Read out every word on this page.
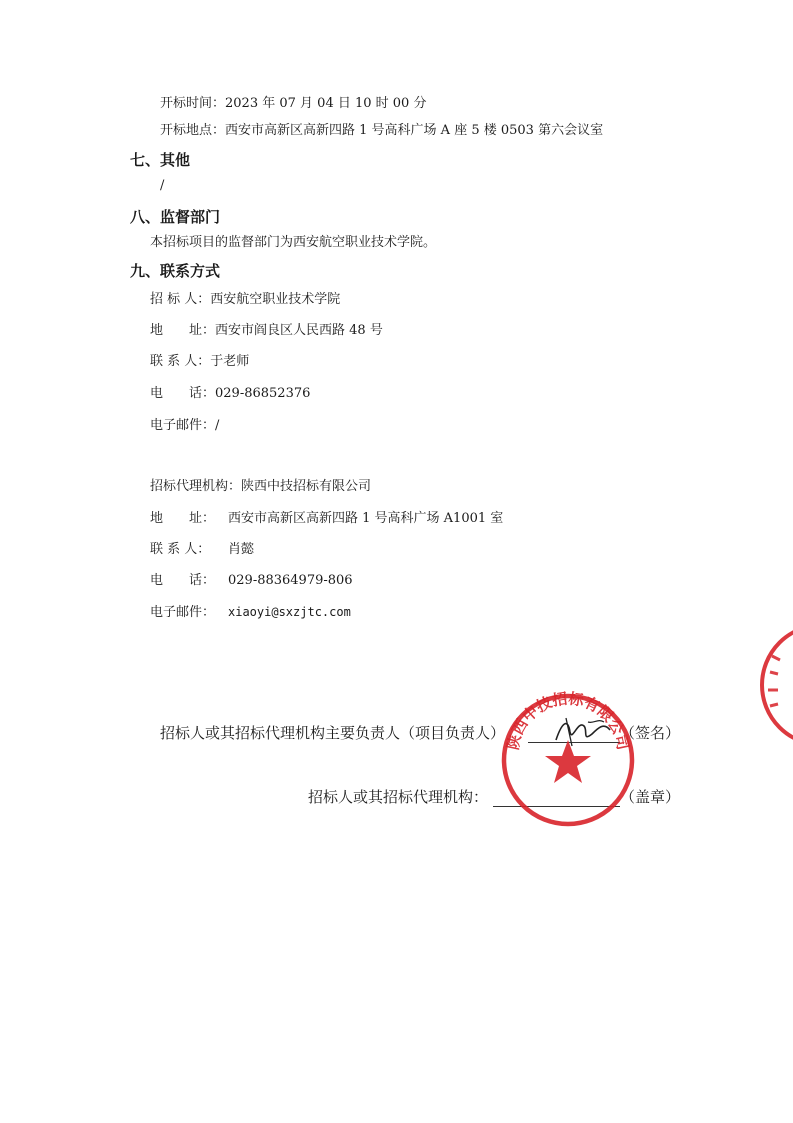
开标时间：2023 年 07 月 04 日 10 时 00 分
开标地点：西安市高新区高新四路 1 号高科广场 A 座 5 楼 0503 第六会议室
七、其他
/
八、监督部门
本招标项目的监督部门为西安航空职业技术学院。
九、联系方式
招 标 人：西安航空职业技术学院
地　　址：西安市阎良区人民西路 48 号
联 系 人：于老师
电　　话：029-86852376
电子邮件：/
招标代理机构：陕西中技招标有限公司
地　　址： 西安市高新区高新四路 1 号高科广场 A1001 室
联 系 人： 肖懿
电　　话： 029-88364979-806
电子邮件： xiaoyi@sxzjtc.com
招标人或其招标代理机构主要负责人（项目负责人）	（签名）
招标人或其招标代理机构：	（盖章）
陕西中技招标有限公司
